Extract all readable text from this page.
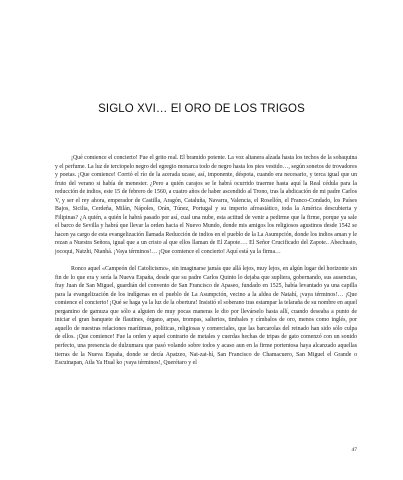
SIGLO XVI… El ORO DE LOS TRIGOS

¡Qué comience el concierto! Fue el grito real. El bramido potente. La voz altanera alzada hasta los techos de la sobaquina y el perfume. La luz de terciopelo negro del egregio monarca todo de negro hasta los pies vestido…, según sonetos de trovadores y poetas. ¡Que comience! Corrió el río de la acerada ucase, así, imponente, déspota, cuando era necesario, y terca igual que un fruto del verano si había de menester. ¿Pero a quién carajos se le habrá ocurrido traerme hasta aquí la Real cédula para la reducción de indios, este 15 de febrero de 1560, a cuatro años de haber ascendido al Trono, tras la abdicación de mi padre Carlos V, y ser el rey ahora, emperador de Castilla, Aragón, Cataluña, Navarra, Valencia, el Rosellón, el Franco-Condado, los Países Bajos, Sicilia, Cerdeña, Milán, Nápoles, Orán, Túnez, Portugal y su imperio afroasiático, toda la América descubierta y Filipinas? ¿A quién, a quién le habrá pasado por así, cual una nube, esta actitud de venir a pedirme que la firme, porque ya sale el barco de Sevilla y habrá que llevar la orden hacia el Nuevo Mundo, donde mis amigos los religiosos agustinos desde 1542 se hacen ya cargo de esta evangelización llamada Reducción de indios en el pueblo de la La Asumpción, donde los indios aman y le rezan a Nuestra Señora, igual que a un cristo al que ellos llaman de El Zapote…. El Señor Crucificado del Zapote.. Abechuato, jocoqui, Natzhi, Ntanhá. ¡Vaya términos!… ¡Que comience el concierto! Aquí está ya la firma…

Ronco aquel «Campeón del Catolicismo», sin imaginarse jamás que allá lejos, muy lejos, en algún lugar del horizonte sin fin de lo que era y sería la Nueva España, desde que su padre Carlos Quinto lo dejaba que supliera, gobernando, sus ausencias, fray Juan de San Miguel, guardián del convento de San Francisco de Apaseo, fundado en 1525, había levantado ya una capilla para la evangelización de los indígenas en el pueblo de La Asumpción, vecino a la aldea de Natahí, ¡vaya términos!… ¡Que comience el concierto! ¡Qué se haga ya la luz de la obertura! Insistió el soberano tras estampar la telaraña de su nombre en aquel pergamino de gamuza que sólo a alguien de muy pocas maneras le dio por llevárselo hasta allí, cuando deseaba a punto de iniciar el gran banquete de flautines, órgano, arpas, trompas, salterios, timbales y címbalos de oro, menos como inglés, por aquello de nuestras relaciones marítimas, políticas, religiosas y comerciales, que las barcarolas del reinado han sido sólo culpa de ellos. ¡Que comience! Fue la orden y aquel contrario de metales y cuerdas hechas de tripas de gato comenzó con un sonido perfecto, una presencia de dulzumara que pasó volando sobre todos y acaso aun en la firme portentosa haya alcanzado aquellas tierras de la Nueva España, donde se decía Apatzeo, Nat-zat-hí, San Francisco de Chamacuero, San Miguel el Grande o Escuinapan, Atla Ya Hual ko ¡vaya términos!, Querétaro y el

47
